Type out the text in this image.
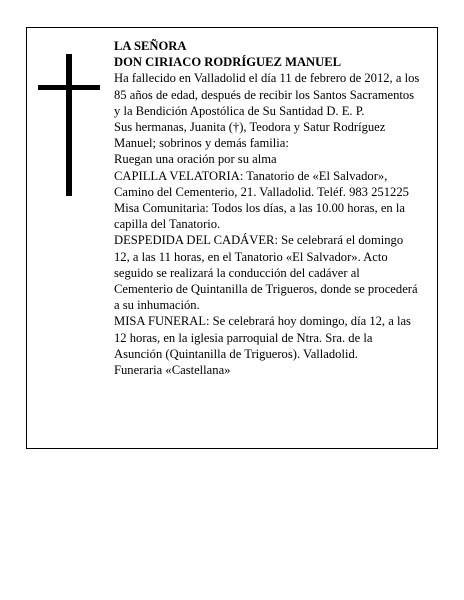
LA SEÑORA

DON CIRIACO RODRÍGUEZ MANUEL

Ha fallecido en Valladolid el día 11 de febrero de 2012, a los 85 años de edad, después de recibir los Santos Sacramentos y la Bendición Apostólica de Su Santidad D. E. P.

Sus hermanas, Juanita (†), Teodora y Satur Rodríguez Manuel; sobrinos y demás familia:

Ruegan una oración por su alma

CAPILLA VELATORIA: Tanatorio de «El Salvador», Camino del Cementerio, 21. Valladolid. Teléf. 983 251225

Misa Comunitaria: Todos los días, a las 10.00 horas, en la capilla del Tanatorio.

DESPEDIDA DEL CADÁVER: Se celebrará el domingo 12, a las 11 horas, en el Tanatorio «El Salvador». Acto seguido se realizará la conducción del cadáver al Cementerio de Quintanilla de Trigueros, donde se procederá a su inhumación.

MISA FUNERAL: Se celebrará hoy domingo, día 12, a las 12 horas, en la iglesia parroquial de Ntra. Sra. de la Asunción (Quintanilla de Trigueros). Valladolid.

Funeraria «Castellana»
